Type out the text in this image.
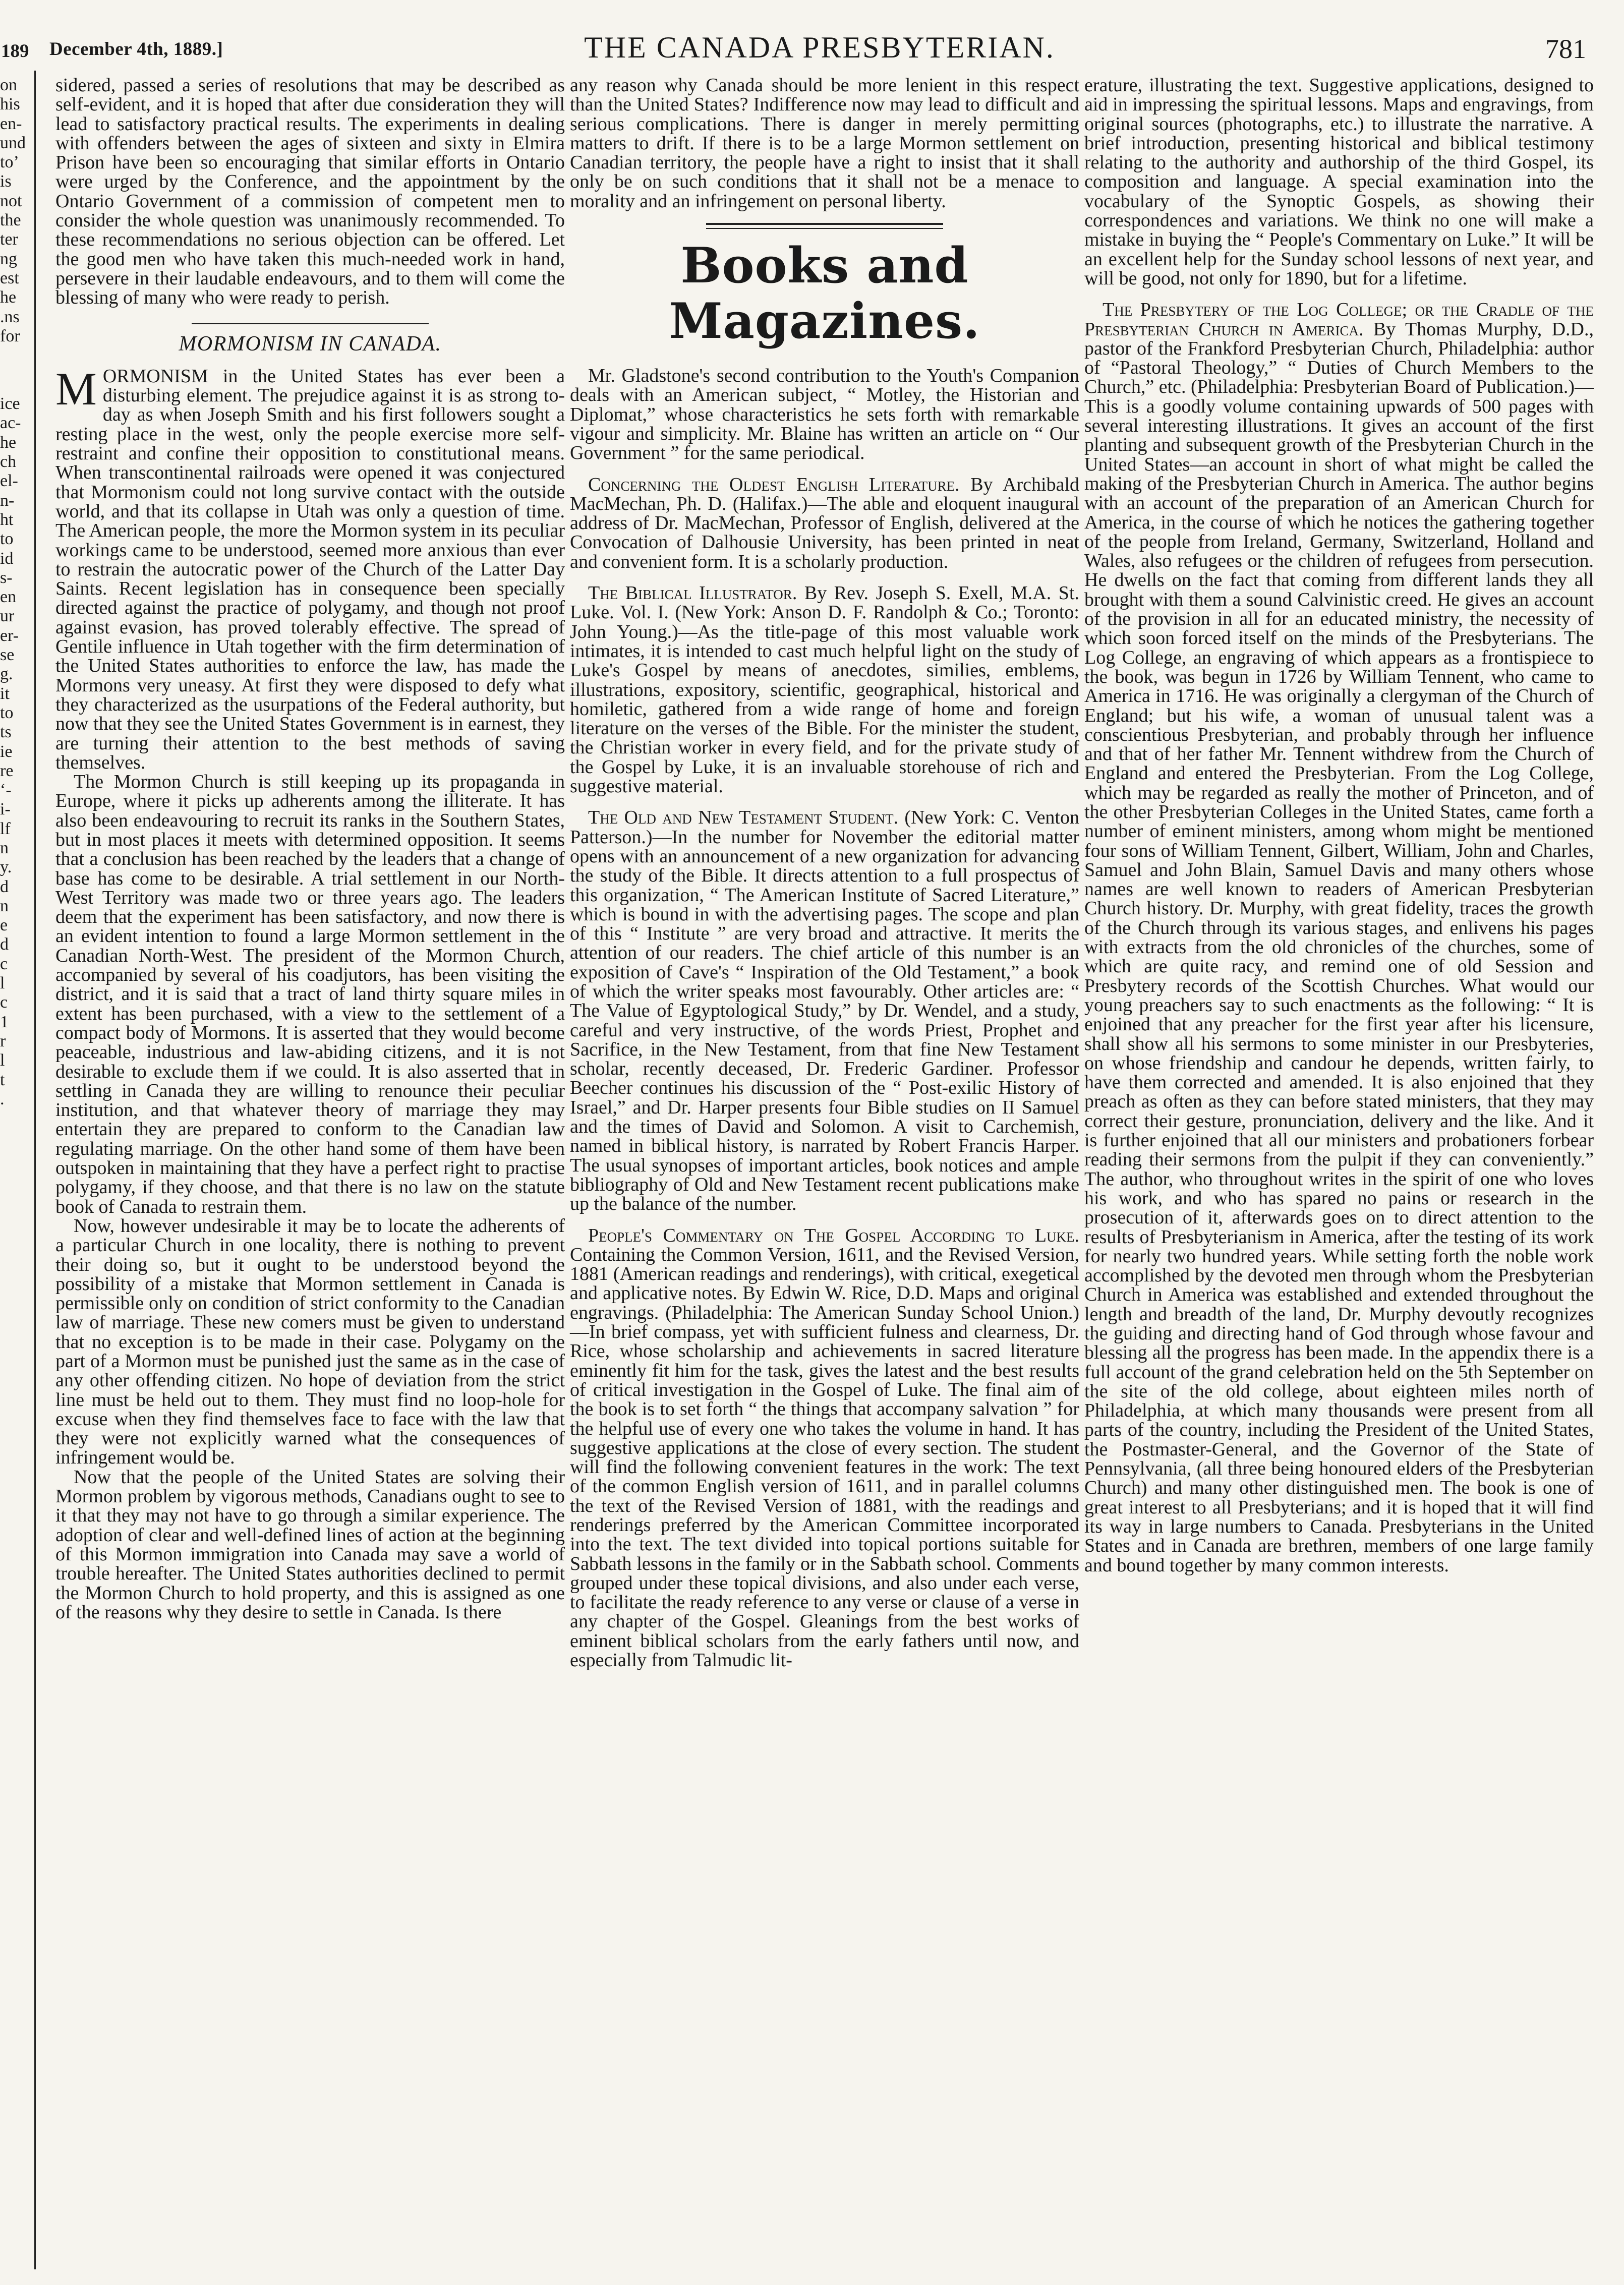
189 December 4th, 1889.]	THE CANADA PRESBYTERIAN.	781
on
his
en-
und
toʼ
is
not
the
ter
ng
est
he
.ns
for
ice
ac-
he
ch
el-
n-
ht
to
id
s-
en
ur
er-
se
g.
it
to
ts
ie
re
ʻ-
i-
lf
n
y.
d
n
e
d
c
l
c
1
r
l
t
.

sidered, passed a series of resolutions that may be described as self-evident, and it is hoped that after due consideration they will lead to satisfactory practical results. The experiments in dealing with offenders between the ages of sixteen and sixty in Elmira Prison have been so encouraging that similar efforts in Ontario were urged by the Conference, and the appointment by the Ontario Government of a commission of competent men to consider the whole question was unanimously recommended. To these recommendations no serious objection can be offered. Let the good men who have taken this much-needed work in hand, persevere in their laudable endeavours, and to them will come the blessing of many who were ready to perish.

MORMONISM IN CANADA.

MORMONISM in the United States has ever been a disturbing element. The prejudice against it is as strong to-day as when Joseph Smith and his first followers sought a resting place in the west, only the people exercise more self-restraint and confine their opposition to constitutional means. When transcontinental railroads were opened it was conjectured that Mormonism could not long survive contact with the outside world, and that its collapse in Utah was only a question of time. The American people, the more the Mormon system in its peculiar workings came to be understood, seemed more anxious than ever to restrain the autocratic power of the Church of the Latter Day Saints. Recent legislation has in consequence been specially directed against the practice of polygamy, and though not proof against evasion, has proved tolerably effective. The spread of Gentile influence in Utah together with the firm determination of the United States authorities to enforce the law, has made the Mormons very uneasy. At first they were disposed to defy what they characterized as the usurpations of the Federal authority, but now that they see the United States Government is in earnest, they are turning their attention to the best methods of saving themselves.

The Mormon Church is still keeping up its propaganda in Europe, where it picks up adherents among the illiterate. It has also been endeavouring to recruit its ranks in the Southern States, but in most places it meets with determined opposition. It seems that a conclusion has been reached by the leaders that a change of base has come to be desirable. A trial settlement in our North-West Territory was made two or three years ago. The leaders deem that the experiment has been satisfactory, and now there is an evident intention to found a large Mormon settlement in the Canadian North-West. The president of the Mormon Church, accompanied by several of his coadjutors, has been visiting the district, and it is said that a tract of land thirty square miles in extent has been purchased, with a view to the settlement of a compact body of Mormons. It is asserted that they would become peaceable, industrious and law-abiding citizens, and it is not desirable to exclude them if we could. It is also asserted that in settling in Canada they are willing to renounce their peculiar institution, and that whatever theory of marriage they may entertain they are prepared to conform to the Canadian law regulating marriage. On the other hand some of them have been outspoken in maintaining that they have a perfect right to practise polygamy, if they choose, and that there is no law on the statute book of Canada to restrain them.

Now, however undesirable it may be to locate the adherents of a particular Church in one locality, there is nothing to prevent their doing so, but it ought to be understood beyond the possibility of a mistake that Mormon settlement in Canada is permissible only on condition of strict conformity to the Canadian law of marriage. These new comers must be given to understand that no exception is to be made in their case. Polygamy on the part of a Mormon must be punished just the same as in the case of any other offending citizen. No hope of deviation from the strict line must be held out to them. They must find no loop-hole for excuse when they find themselves face to face with the law that they were not explicitly warned what the consequences of infringement would be.

Now that the people of the United States are solving their Mormon problem by vigorous methods, Canadians ought to see to it that they may not have to go through a similar experience. The adoption of clear and well-defined lines of action at the beginning of this Mormon immigration into Canada may save a world of trouble hereafter. The United States authorities declined to permit the Mormon Church to hold property, and this is assigned as one of the reasons why they desire to settle in Canada. Is there

any reason why Canada should be more lenient in this respect than the United States? Indifference now may lead to difficult and serious complications. There is danger in merely permitting matters to drift. If there is to be a large Mormon settlement on Canadian territory, the people have a right to insist that it shall only be on such conditions that it shall not be a menace to morality and an infringement on personal liberty.

Books and Magazines.

Mr. Gladstone's second contribution to the Youth's Companion deals with an American subject, “ Motley, the Historian and Diplomat,” whose characteristics he sets forth with remarkable vigour and simplicity. Mr. Blaine has written an article on “ Our Government ” for the same periodical.

Concerning the Oldest English Literature. By Archibald MacMechan, Ph. D. (Halifax.)—The able and eloquent inaugural address of Dr. MacMechan, Professor of English, delivered at the Convocation of Dalhousie University, has been printed in neat and convenient form. It is a scholarly production.

The Biblical Illustrator. By Rev. Joseph S. Exell, M.A. St. Luke. Vol. I. (New York: Anson D. F. Randolph & Co.; Toronto: John Young.)—As the title-page of this most valuable work intimates, it is intended to cast much helpful light on the study of Luke's Gospel by means of anecdotes, similies, emblems, illustrations, expository, scientific, geographical, historical and homiletic, gathered from a wide range of home and foreign literature on the verses of the Bible. For the minister the student, the Christian worker in every field, and for the private study of the Gospel by Luke, it is an invaluable storehouse of rich and suggestive material.

The Old and New Testament Student. (New York: C. Venton Patterson.)—In the number for November the editorial matter opens with an announcement of a new organization for advancing the study of the Bible. It directs attention to a full prospectus of this organization, “ The American Institute of Sacred Literature,” which is bound in with the advertising pages. The scope and plan of this “ Institute ” are very broad and attractive. It merits the attention of our readers. The chief article of this number is an exposition of Cave's “ Inspiration of the Old Testament,” a book of which the writer speaks most favourably. Other articles are: “ The Value of Egyptological Study,” by Dr. Wendel, and a study, careful and very instructive, of the words Priest, Prophet and Sacrifice, in the New Testament, from that fine New Testament scholar, recently deceased, Dr. Frederic Gardiner. Professor Beecher continues his discussion of the “ Post-exilic History of Israel,” and Dr. Harper presents four Bible studies on II Samuel and the times of David and Solomon. A visit to Carchemish, named in biblical history, is narrated by Robert Francis Harper. The usual synopses of important articles, book notices and ample bibliography of Old and New Testament recent publications make up the balance of the number.

People's Commentary on The Gospel According to Luke. Containing the Common Version, 1611, and the Revised Version, 1881 (American readings and renderings), with critical, exegetical and applicative notes. By Edwin W. Rice, D.D. Maps and original engravings. (Philadelphia: The American Sunday School Union.)—In brief compass, yet with sufficient fulness and clearness, Dr. Rice, whose scholarship and achievements in sacred literature eminently fit him for the task, gives the latest and the best results of critical investigation in the Gospel of Luke. The final aim of the book is to set forth “ the things that accompany salvation ” for the helpful use of every one who takes the volume in hand. It has suggestive applications at the close of every section. The student will find the following convenient features in the work: The text of the common English version of 1611, and in parallel columns the text of the Revised Version of 1881, with the readings and renderings preferred by the American Committee incorporated into the text. The text divided into topical portions suitable for Sabbath lessons in the family or in the Sabbath school. Comments grouped under these topical divisions, and also under each verse, to facilitate the ready reference to any verse or clause of a verse in any chapter of the Gospel. Gleanings from the best works of eminent biblical scholars from the early fathers until now, and especially from Talmudic lit-

erature, illustrating the text. Suggestive applications, designed to aid in impressing the spiritual lessons. Maps and engravings, from original sources (photographs, etc.) to illustrate the narrative. A brief introduction, presenting historical and biblical testimony relating to the authority and authorship of the third Gospel, its composition and language. A special examination into the vocabulary of the Synoptic Gospels, as showing their correspondences and variations. We think no one will make a mistake in buying the “ People's Commentary on Luke.” It will be an excellent help for the Sunday school lessons of next year, and will be good, not only for 1890, but for a lifetime.

The Presbytery of the Log College; or the Cradle of the Presbyterian Church in America. By Thomas Murphy, D.D., pastor of the Frankford Presbyterian Church, Philadelphia: author of “Pastoral Theology,” “ Duties of Church Members to the Church,” etc. (Philadelphia: Presbyterian Board of Publication.)—This is a goodly volume containing upwards of 500 pages with several interesting illustrations. It gives an account of the first planting and subsequent growth of the Presbyterian Church in the United States—an account in short of what might be called the making of the Presbyterian Church in America. The author begins with an account of the preparation of an American Church for America, in the course of which he notices the gathering together of the people from Ireland, Germany, Switzerland, Holland and Wales, also refugees or the children of refugees from persecution. He dwells on the fact that coming from different lands they all brought with them a sound Calvinistic creed. He gives an account of the provision in all for an educated ministry, the necessity of which soon forced itself on the minds of the Presbyterians. The Log College, an engraving of which appears as a frontispiece to the book, was begun in 1726 by William Tennent, who came to America in 1716. He was originally a clergyman of the Church of England; but his wife, a woman of unusual talent was a conscientious Presbyterian, and probably through her influence and that of her father Mr. Tennent withdrew from the Church of England and entered the Presbyterian. From the Log College, which may be regarded as really the mother of Princeton, and of the other Presbyterian Colleges in the United States, came forth a number of eminent ministers, among whom might be mentioned four sons of William Tennent, Gilbert, William, John and Charles, Samuel and John Blain, Samuel Davis and many others whose names are well known to readers of American Presbyterian Church history. Dr. Murphy, with great fidelity, traces the growth of the Church through its various stages, and enlivens his pages with extracts from the old chronicles of the churches, some of which are quite racy, and remind one of old Session and Presbytery records of the Scottish Churches. What would our young preachers say to such enactments as the following: “ It is enjoined that any preacher for the first year after his licensure, shall show all his sermons to some minister in our Presbyteries, on whose friendship and candour he depends, written fairly, to have them corrected and amended. It is also enjoined that they preach as often as they can before stated ministers, that they may correct their gesture, pronunciation, delivery and the like. And it is further enjoined that all our ministers and probationers forbear reading their sermons from the pulpit if they can conveniently.” The author, who throughout writes in the spirit of one who loves his work, and who has spared no pains or research in the prosecution of it, afterwards goes on to direct attention to the results of Presbyterianism in America, after the testing of its work for nearly two hundred years. While setting forth the noble work accomplished by the devoted men through whom the Presbyterian Church in America was established and extended throughout the length and breadth of the land, Dr. Murphy devoutly recognizes the guiding and directing hand of God through whose favour and blessing all the progress has been made. In the appendix there is a full account of the grand celebration held on the 5th September on the site of the old college, about eighteen miles north of Philadelphia, at which many thousands were present from all parts of the country, including the President of the United States, the Postmaster-General, and the Governor of the State of Pennsylvania, (all three being honoured elders of the Presbyterian Church) and many other distinguished men. The book is one of great interest to all Presbyterians; and it is hoped that it will find its way in large numbers to Canada. Presbyterians in the United States and in Canada are brethren, members of one large family and bound together by many common interests.
